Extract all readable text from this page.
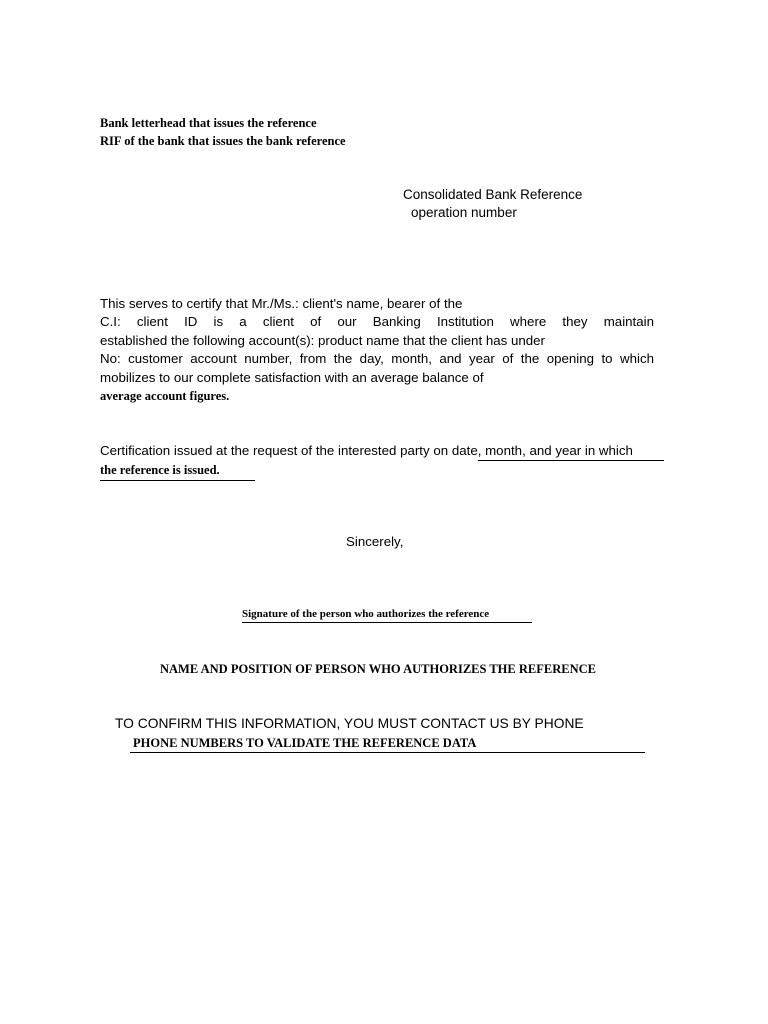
Bank letterhead that issues the reference
RIF of the bank that issues the bank reference
Consolidated Bank Reference
operation number
This serves to certify that Mr./Ms.: client's name, bearer of the
C.I: client ID is a client of our Banking Institution where they maintain
established the following account(s): product name that the client has under
No: customer account number, from the day, month, and year of the opening to which
mobilizes to our complete satisfaction with an average balance of
average account figures.
Certification issued at the request of the interested party on date, month, and year in which
the reference is issued.
Sincerely,
Signature of the person who authorizes the reference
NAME AND POSITION OF PERSON WHO AUTHORIZES THE REFERENCE
TO CONFIRM THIS INFORMATION, YOU MUST CONTACT US BY PHONE
PHONE NUMBERS TO VALIDATE THE REFERENCE DATA
